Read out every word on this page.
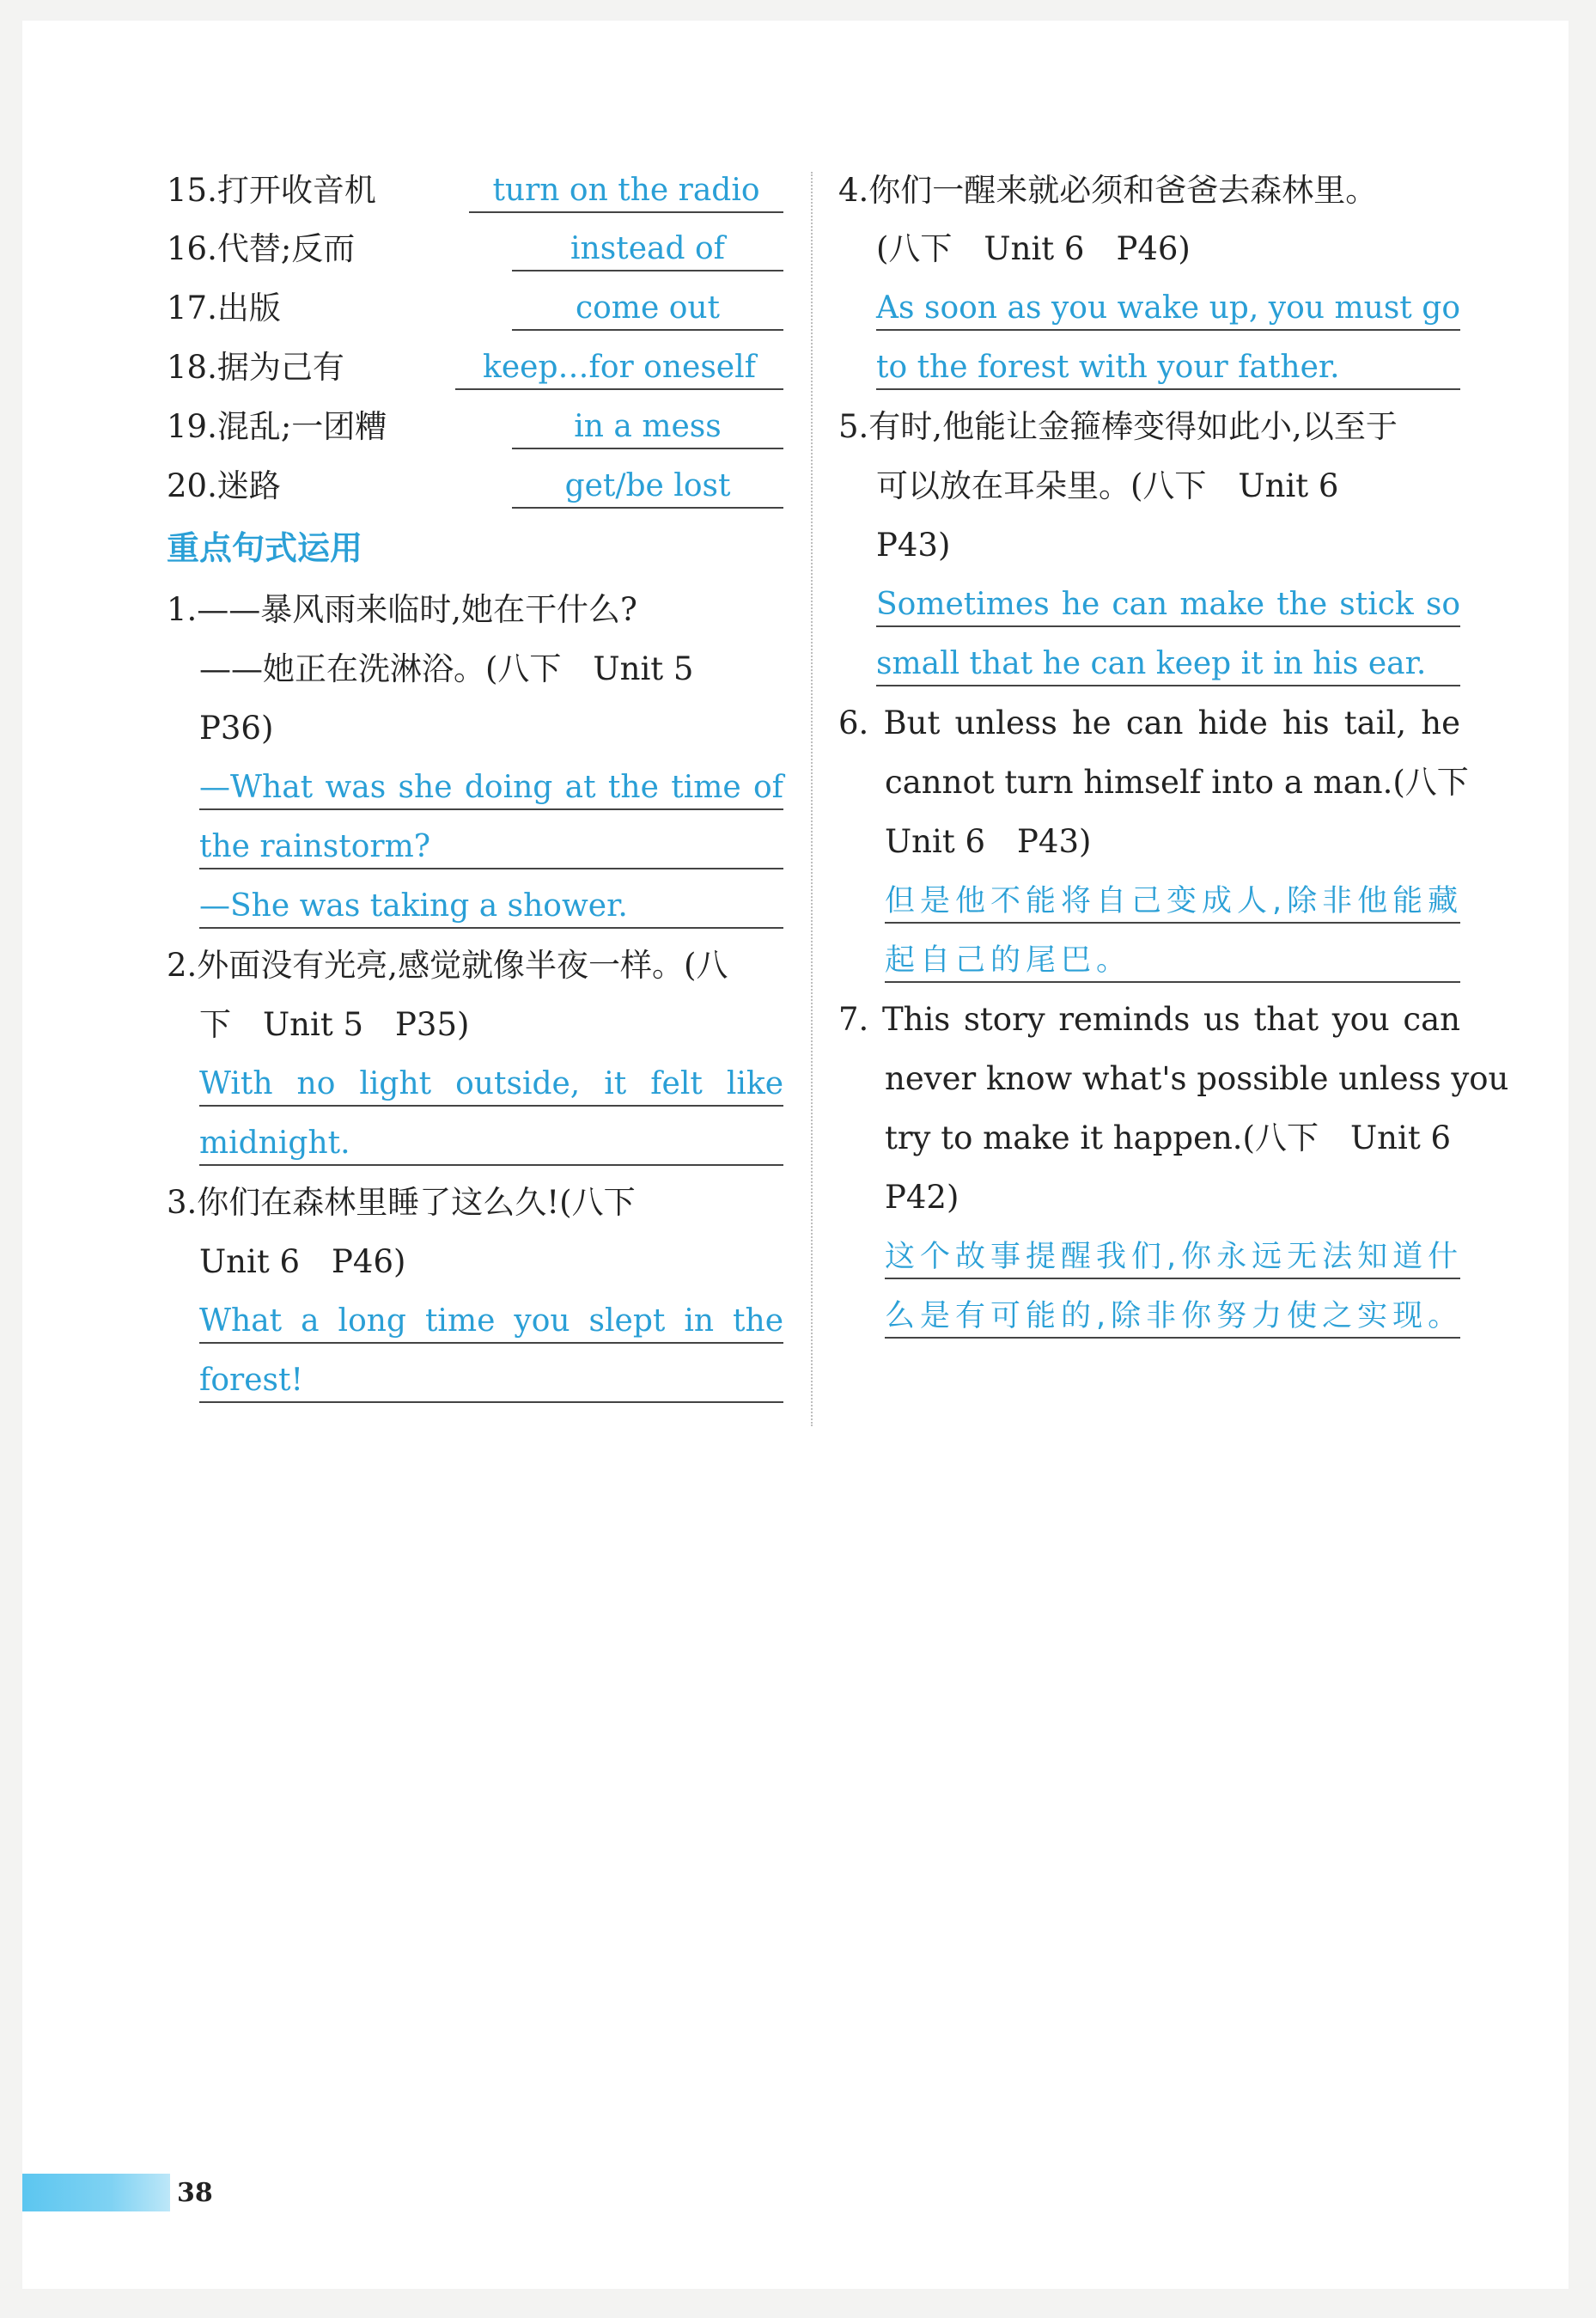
15.打开收音机	turn on the radio
16.代替;反而	instead of
17.出版	come out
18.据为己有	keep…for oneself
19.混乱;一团糟	in a mess
20.迷路	get/be lost
重点句式运用
1.——暴风雨来临时,她在干什么?
——她正在洗淋浴。(八下　Unit 5
P36)
—What was she doing at the time of
the rainstorm?
—She was taking a shower.
2.外面没有光亮,感觉就像半夜一样。(八
下　Unit 5　P35)
With no light outside, it felt like
midnight.
3.你们在森林里睡了这么久!(八下
Unit 6　P46)
What a long time you slept in the
forest!
4.你们一醒来就必须和爸爸去森林里。
(八下　Unit 6　P46)
As soon as you wake up, you must go
to the forest with your father.
5.有时,他能让金箍棒变得如此小,以至于
可以放在耳朵里。(八下　Unit 6
P43)
Sometimes he can make the stick so
small that he can keep it in his ear.
6. But unless he can hide his tail, he
cannot turn himself into a man.(八下
Unit 6　P43)
但是他不能将自己变成人,除非他能藏
起自己的尾巴。
7. This story reminds us that you can
never know what's possible unless you
try to make it happen.(八下　Unit 6
P42)
这个故事提醒我们,你永远无法知道什
么是有可能的,除非你努力使之实现。
38
